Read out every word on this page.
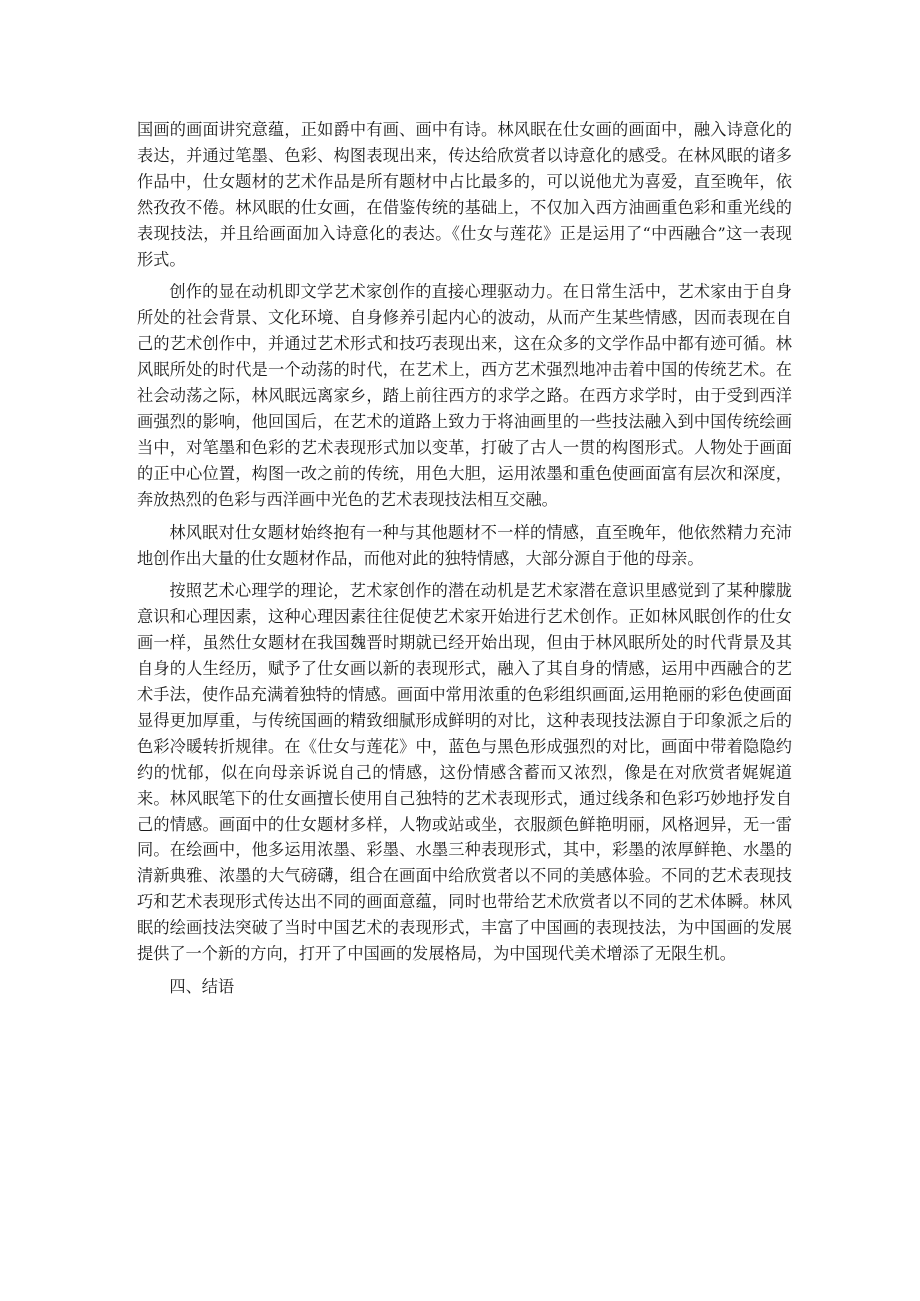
国画的画面讲究意蕴，正如爵中有画、画中有诗。林风眠在仕女画的画面中，融入诗意化的表达，并通过笔墨、色彩、构图表现出来，传达给欣赏者以诗意化的感受。在林风眠的诸多作品中，仕女题材的艺术作品是所有题材中占比最多的，可以说他尤为喜爱，直至晚年，依然孜孜不倦。林风眠的仕女画，在借鉴传统的基础上，不仅加入西方油画重色彩和重光线的表现技法，并且给画面加入诗意化的表达。《仕女与莲花》正是运用了“中西融合”这一表现形式。

创作的显在动机即文学艺术家创作的直接心理驱动力。在日常生活中，艺术家由于自身所处的社会背景、文化环境、自身修养引起内心的波动，从而产生某些情感，因而表现在自己的艺术创作中，并通过艺术形式和技巧表现出来，这在众多的文学作品中都有迹可循。林风眠所处的时代是一个动荡的时代，在艺术上，西方艺术强烈地冲击着中国的传统艺术。在社会动荡之际，林风眠远离家乡，踏上前往西方的求学之路。在西方求学时，由于受到西洋画强烈的影响，他回国后，在艺术的道路上致力于将油画里的一些技法融入到中国传统绘画当中，对笔墨和色彩的艺术表现形式加以变革，打破了古人一贯的构图形式。人物处于画面的正中心位置，构图一改之前的传统，用色大胆，运用浓墨和重色使画面富有层次和深度，奔放热烈的色彩与西洋画中光色的艺术表现技法相互交融。

林风眠对仕女题材始终抱有一种与其他题材不一样的情感，直至晚年，他依然精力充沛地创作出大量的仕女题材作品，而他对此的独特情感，大部分源自于他的母亲。

按照艺术心理学的理论，艺术家创作的潜在动机是艺术家潜在意识里感觉到了某种朦胧意识和心理因素，这种心理因素往往促使艺术家开始进行艺术创作。正如林风眠创作的仕女画一样，虽然仕女题材在我国魏晋时期就已经开始出现，但由于林风眠所处的时代背景及其自身的人生经历，赋予了仕女画以新的表现形式，融入了其自身的情感，运用中西融合的艺术手法，使作品充满着独特的情感。画面中常用浓重的色彩组织画面,运用艳丽的彩色使画面显得更加厚重，与传统国画的精致细腻形成鲜明的对比，这种表现技法源自于印象派之后的色彩冷暖转折规律。在《仕女与莲花》中，蓝色与黑色形成强烈的对比，画面中带着隐隐约约的忧郁，似在向母亲诉说自己的情感，这份情感含蓄而又浓烈，像是在对欣赏者娓娓道来。林风眠笔下的仕女画擅长使用自己独特的艺术表现形式，通过线条和色彩巧妙地抒发自己的情感。画面中的仕女题材多样，人物或站或坐，衣服颜色鲜艳明丽，风格迥异，无一雷同。在绘画中，他多运用浓墨、彩墨、水墨三种表现形式，其中，彩墨的浓厚鲜艳、水墨的清新典雅、浓墨的大气磅礴，组合在画面中给欣赏者以不同的美感体验。不同的艺术表现技巧和艺术表现形式传达出不同的画面意蕴，同时也带给艺术欣赏者以不同的艺术体瞬。林风眠的绘画技法突破了当时中国艺术的表现形式，丰富了中国画的表现技法，为中国画的发展提供了一个新的方向，打开了中国画的发展格局，为中国现代美术增添了无限生机。

四、结语
